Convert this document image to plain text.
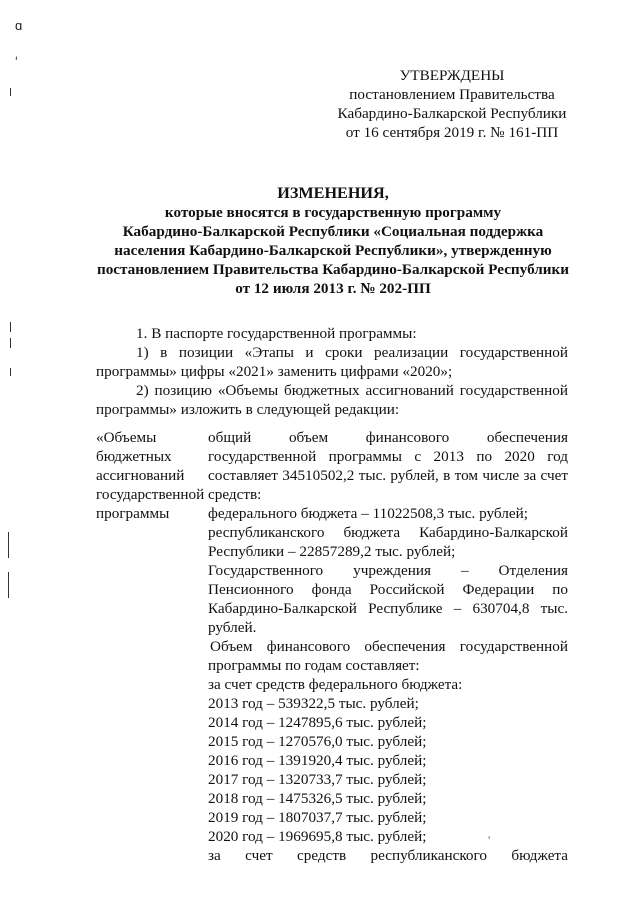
ɑ
ʻ
УТВЕРЖДЕНЫ
постановлением Правительства
Кабардино-Балкарской Республики
от 16 сентября 2019 г. № 161-ПП
ИЗМЕНЕНИЯ,
которые вносятся в государственную программу
Кабардино-Балкарской Республики «Социальная поддержка
населения Кабардино-Балкарской Республики», утвержденную
постановлением Правительства Кабардино-Балкарской Республики
от 12 июля 2013 г. № 202-ПП
1. В паспорте государственной программы:
1) в позиции «Этапы и сроки реализации государственной программы» цифры «2021» заменить цифрами «2020»;
2) позицию «Объемы бюджетных ассигнований государственной программы» изложить в следующей редакции:
«Объемы
бюджетных
ассигнований
государственной
программы

общий объем финансового обеспечения государственной программы с 2013 по 2020 год составляет 34510502,2 тыс. рублей, в том числе за счет средств:

федерального бюджета – 11022508,3 тыс. рублей;

республиканского бюджета Кабардино-Балкарской Республики – 22857289,2 тыс. рублей;

Государственного учреждения – Отделения Пенсионного фонда Российской Федерации по Кабардино-Балкарской Республике – 630704,8 тыс. рублей.

Объем финансового обеспечения государственной программы по годам составляет:

за счет средств федерального бюджета:

2013 год – 539322,5 тыс. рублей;
2014 год – 1247895,6 тыс. рублей;
2015 год – 1270576,0 тыс. рублей;
2016 год – 1391920,4 тыс. рублей;
2017 год – 1320733,7 тыс. рублей;
2018 год – 1475326,5 тыс. рублей;
2019 год – 1807037,7 тыс. рублей;
2020 год – 1969695,8 тыс. рублей;

за счет средств республиканского бюджета

ʼ
